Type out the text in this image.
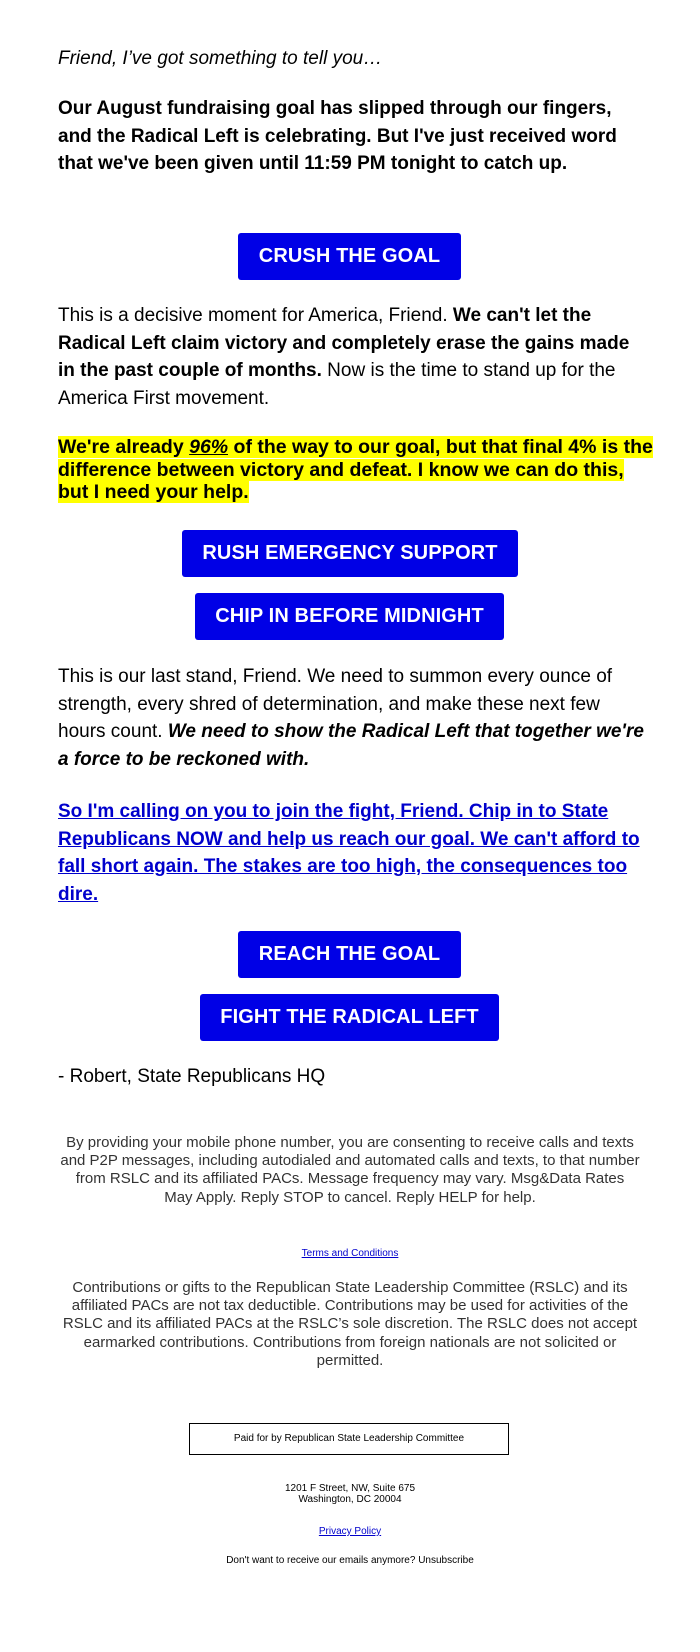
Friend, I’ve got something to tell you…

Our August fundraising goal has slipped through our fingers, and the Radical Left is celebrating. But I've just received word that we've been given until 11:59 PM tonight to catch up.

CRUSH THE GOAL

This is a decisive moment for America, Friend. We can't let the Radical Left claim victory and completely erase the gains made in the past couple of months. Now is the time to stand up for the America First movement.

We're already 96% of the way to our goal, but that final 4% is the difference between victory and defeat. I know we can do this, but I need your help.

RUSH EMERGENCY SUPPORT
CHIP IN BEFORE MIDNIGHT

This is our last stand, Friend. We need to summon every ounce of strength, every shred of determination, and make these next few hours count. We need to show the Radical Left that together we're a force to be reckoned with.

So I'm calling on you to join the fight, Friend. Chip in to State Republicans NOW and help us reach our goal. We can't afford to fall short again. The stakes are too high, the consequences too dire.

REACH THE GOAL
FIGHT THE RADICAL LEFT

- Robert, State Republicans HQ

By providing your mobile phone number, you are consenting to receive calls and texts and P2P messages, including autodialed and automated calls and texts, to that number from RSLC and its affiliated PACs. Message frequency may vary. Msg&Data Rates May Apply. Reply STOP to cancel. Reply HELP for help.

Terms and Conditions

Contributions or gifts to the Republican State Leadership Committee (RSLC) and its affiliated PACs are not tax deductible. Contributions may be used for activities of the RSLC and its affiliated PACs at the RSLC’s sole discretion. The RSLC does not accept earmarked contributions. Contributions from foreign nationals are not solicited or permitted.

Paid for by Republican State Leadership Committee
1201 F Street, NW, Suite 675
Washington, DC 20004
Privacy Policy
Don't want to receive our emails anymore? Unsubscribe
